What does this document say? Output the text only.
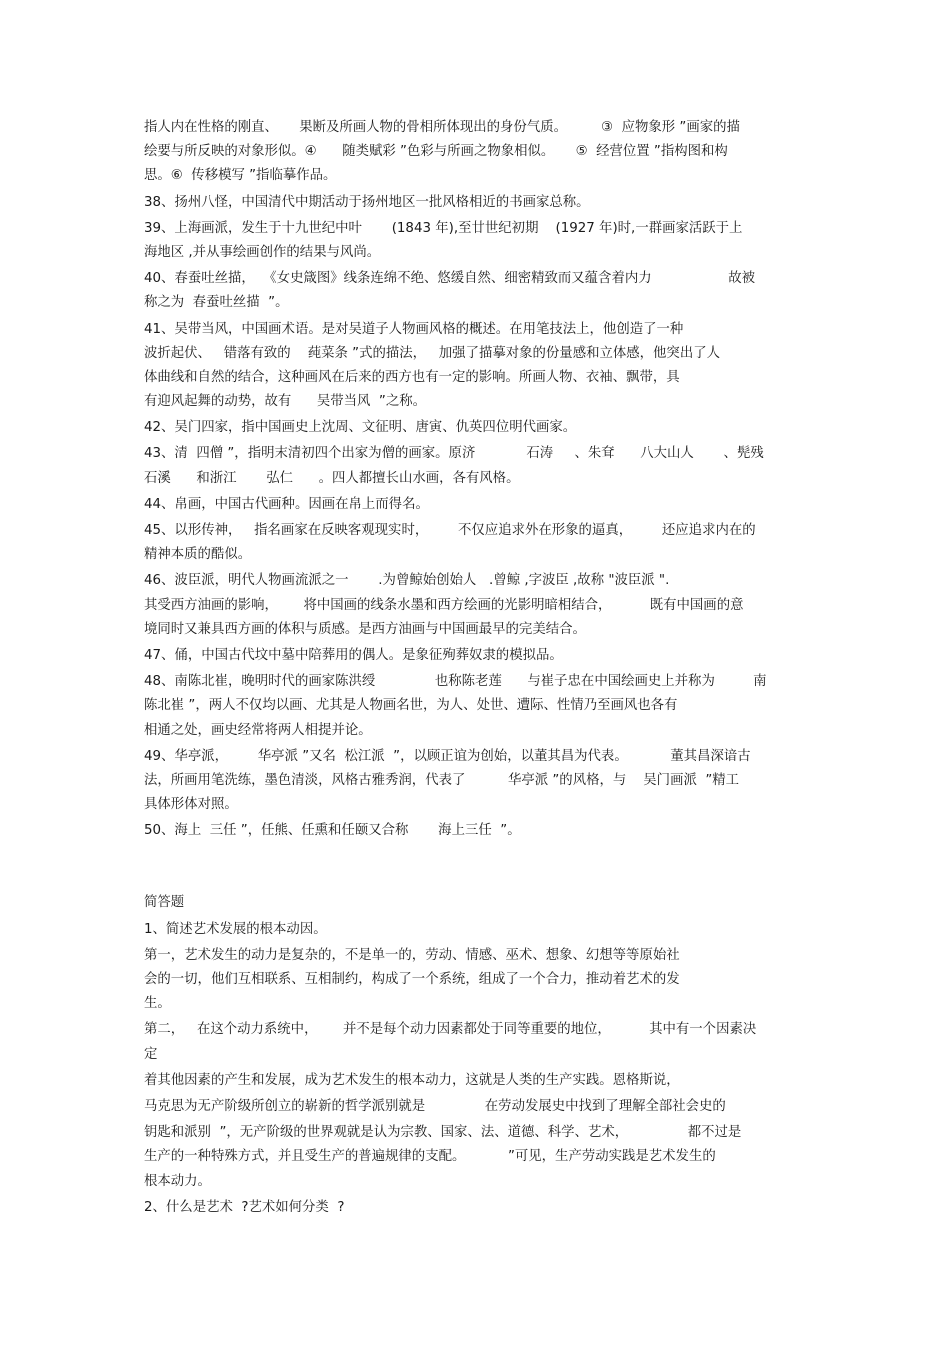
指人内在性格的刚直、     果断及所画人物的骨相所体现出的身份气质。        ③  应物象形 ”画家的描
绘要与所反映的对象形似。④      随类赋彩 ”色彩与所画之物象相似。     ⑤  经营位置 ”指构图和构
思。⑥  传移模写 ”指临摹作品。
38、扬州八怪，中国清代中期活动于扬州地区一批风格相近的书画家总称。
39、上海画派，发生于十九世纪中叶       (1843 年),至廿世纪初期    (1927 年)时,一群画家活跃于上
海地区 ,并从事绘画创作的结果与风尚。
40、春蚕吐丝描，  《女史箴图》线条连绵不绝、悠缓自然、细密精致而又蕴含着内力                  故被
称之为  春蚕吐丝描  ”。
41、吴带当风，中国画术语。是对吴道子人物画风格的概述。在用笔技法上，他创造了一种
波折起伏、   错落有致的    莼菜条 ”式的描法，   加强了描摹对象的份量感和立体感，他突出了人
体曲线和自然的结合，这种画风在后来的西方也有一定的影响。所画人物、衣袖、飘带，具
有迎风起舞的动势，故有      吴带当风  ”之称。
42、吴门四家，指中国画史上沈周、文征明、唐寅、仇英四位明代画家。
43、清  四僧 ”，指明末清初四个出家为僧的画家。原济            石涛     、朱耷      八大山人       、髡残
石溪      和浙江       弘仁      。四人都擅长山水画，各有风格。
44、帛画，中国古代画种。因画在帛上而得名。
45、以形传神，   指名画家在反映客观现实时，       不仅应追求外在形象的逼真，       还应追求内在的
精神本质的酷似。
46、波臣派，明代人物画流派之一       .为曾鲸始创始人   .曾鲸 ,字波臣 ,故称 "波臣派 ".
其受西方油画的影响，      将中国画的线条水墨和西方绘画的光影明暗相结合，         既有中国画的意
境同时又兼具西方画的体积与质感。是西方油画与中国画最早的完美结合。
47、俑，中国古代坟中墓中陪葬用的偶人。是象征殉葬奴隶的模拟品。
48、南陈北崔，晚明时代的画家陈洪绶              也称陈老莲      与崔子忠在中国绘画史上并称为         南
陈北崔 ”，两人不仅均以画、尤其是人物画名世，为人、处世、遭际、性情乃至画风也各有
相通之处，画史经常将两人相提并论。
49、华亭派，       华亭派 ”又名  松江派  ”，以顾正谊为创始，以董其昌为代表。          董其昌深谙古
法，所画用笔洗练，墨色清淡，风格古雅秀润，代表了          华亭派 ”的风格，与    吴门画派  ”精工
具体形体对照。
50、海上  三任 ”，任熊、任熏和任颐又合称       海上三任  ”。
简答题
1、简述艺术发展的根本动因。
第一，艺术发生的动力是复杂的，不是单一的，劳动、情感、巫术、想象、幻想等等原始社
会的一切，他们互相联系、互相制约，构成了一个系统，组成了一个合力，推动着艺术的发
生。
第二，   在这个动力系统中，      并不是每个动力因素都处于同等重要的地位，         其中有一个因素决
定
着其他因素的产生和发展，成为艺术发生的根本动力，这就是人类的生产实践。恩格斯说，
马克思为无产阶级所创立的崭新的哲学派别就是              在劳动发展史中找到了理解全部社会史的
钥匙和派别  ”，无产阶级的世界观就是认为宗教、国家、法、道德、科学、艺术，              都不过是
生产的一种特殊方式，并且受生产的普遍规律的支配。          ”可见，生产劳动实践是艺术发生的
根本动力。
2、什么是艺术  ?艺术如何分类  ?
